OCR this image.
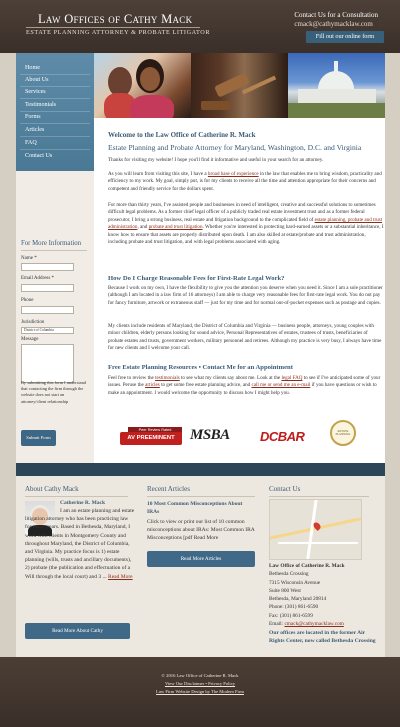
Law Offices of Cathy Mack
ESTATE PLANNING ATTORNEY & PROBATE LITIGATOR
Contact Us for a Consultation
cmack@cathymacklaw.com
Fill out our online form
Home
About Us
Services
Testimonials
Forms
Articles
FAQ
Contact Us
For More Information
Name *
Email Address *
Phone
Jurisdiction
District of Columbia
Message
By submitting this form I understand that contacting the firm through the website does not start an attorney/client relationship
Submit Form
Welcome to the Law Office of Catherine R. Mack
Estate Planning and Probate Attorney for Maryland, Washington, D.C. and Virginia
Thanks for visiting my website! I hope you'll find it informative and useful in your search for an attorney.
As you will learn from visiting this site, I have a broad base of experience in the law that enables me to bring wisdom, practicality and efficiency to my work. My goal, simply put, is for my clients to receive all the time and attention appropriate for their concerns and competent and friendly service for the dollars spent.
For more than thirty years, I've assisted people and businesses in need of intelligent, creative and successful solutions to sometimes difficult legal problems. As a former chief legal officer of a publicly traded real estate investment trust and as a former federal prosecutor, I bring a strong business, real estate and litigation background to the complicated field of estate planning, probate and trust administration, and probate and trust litigation. Whether you're interested in protecting hard-earned assets or a substantial inheritance, I know how to ensure that assets are properly distributed upon death. I am also skilled at estate/probate and trust administration, including probate and trust litigation, and with legal problems associated with aging.
How Do I Charge Reasonable Fees for First-Rate Legal Work?
Because I work on my own, I have the flexibility to give you the attention you deserve when you need it. Since I am a sole practitioner (although I am located in a law firm of 16 attorneys) I am able to charge very reasonable fees for first-rate legal work. You do not pay for fancy furniture, artwork or extraneous staff — just for my time and for normal out-of-pocket expenses such as postage and copies.
My clients include residents of Maryland, the District of Columbia and Virginia — business people, attorneys, young couples with minor children, elderly persons looking for sound advice, Personal Representatives of estates, trustees of trusts, beneficiaries of probate estates and trusts, government workers, military personnel and retirees. Although my practice is very busy, I always have time for new clients and I welcome your call.
Free Estate Planning Resources • Contact Me for an Appointment
Feel free to review the testimonials to see what my clients say about me. Look at the legal FAQ to see if I've anticipated some of your issues. Peruse the articles to get some free estate planning advice, and call me or send me an e-mail if you have questions or wish to make an appointment. I would welcome the opportunity to discuss how I might help you.
Peer Review Rated
AV PREEMINENT	MSBA DCBAR	ESTATE PLANNING
About Cathy Mack
Catherine R. Mack
I am an estate planning and estate litigation attorney who has been practicing law for many years. Based in Bethesda, Maryland, I work with clients in Montgomery County and throughout Maryland, the District of Columbia, and Virginia. My practice focus is 1) estate planning (wills, trusts and ancillary documents), 2) probate (the publication and effectuation of a Will through the local court) and 3 ... Read More
Read More About Cathy
Recent Articles
10 Most Common Misconceptions About IRAs
Click to view or print our list of 10 common misconceptions about IRAs: Most Common IRA Misconceptions [pdf Read More
Read More Articles
Contact Us
Law Office of Catherine R. Mack
Bethesda Crossing
7315 Wisconsin Avenue
Suite 800 West
Bethesda, Maryland 20814
Phone: (301) 861-6590
Fax: (301) 861-6599
Email: cmack@cathymacklaw.com
Our offices are located in the former Air Rights Center, now called Bethesda Crossing
© 2016 Law Office of Catherine R. Mack
View Our Disclaimer • Privacy Policy
Law Firm Website Design by The Modern Firm
